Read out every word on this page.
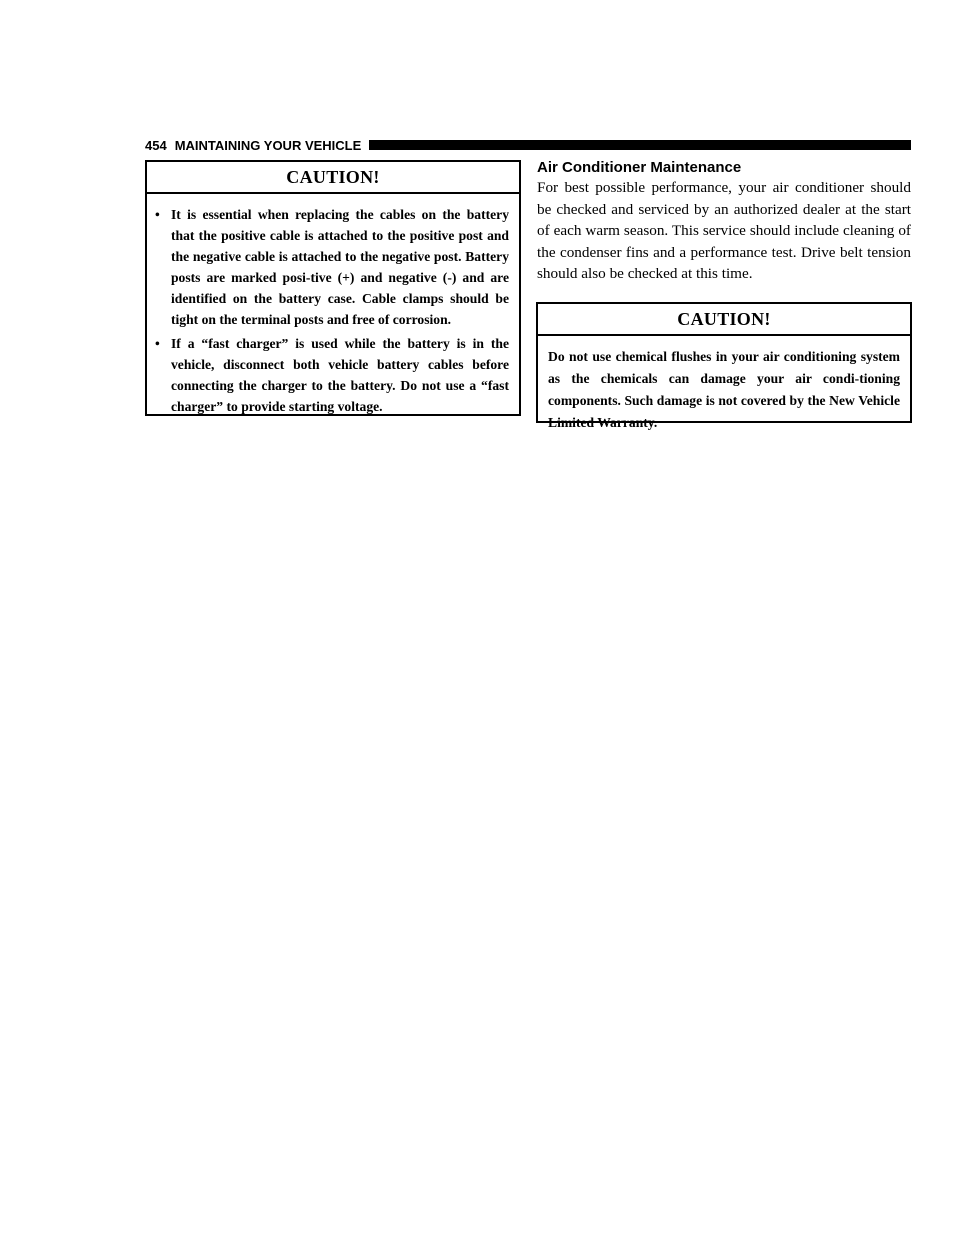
454 MAINTAINING YOUR VEHICLE
CAUTION!
• It is essential when replacing the cables on the battery that the positive cable is attached to the positive post and the negative cable is attached to the negative post. Battery posts are marked posi-tive (+) and negative (-) and are identified on the battery case. Cable clamps should be tight on the terminal posts and free of corrosion.
• If a “fast charger” is used while the battery is in the vehicle, disconnect both vehicle battery cables before connecting the charger to the battery. Do not use a “fast charger” to provide starting voltage.
Air Conditioner Maintenance

For best possible performance, your air conditioner should be checked and serviced by an authorized dealer at the start of each warm season. This service should include cleaning of the condenser fins and a performance test. Drive belt tension should also be checked at this time.

CAUTION!

Do not use chemical flushes in your air conditioning system as the chemicals can damage your air condi-tioning components. Such damage is not covered by the New Vehicle Limited Warranty.
